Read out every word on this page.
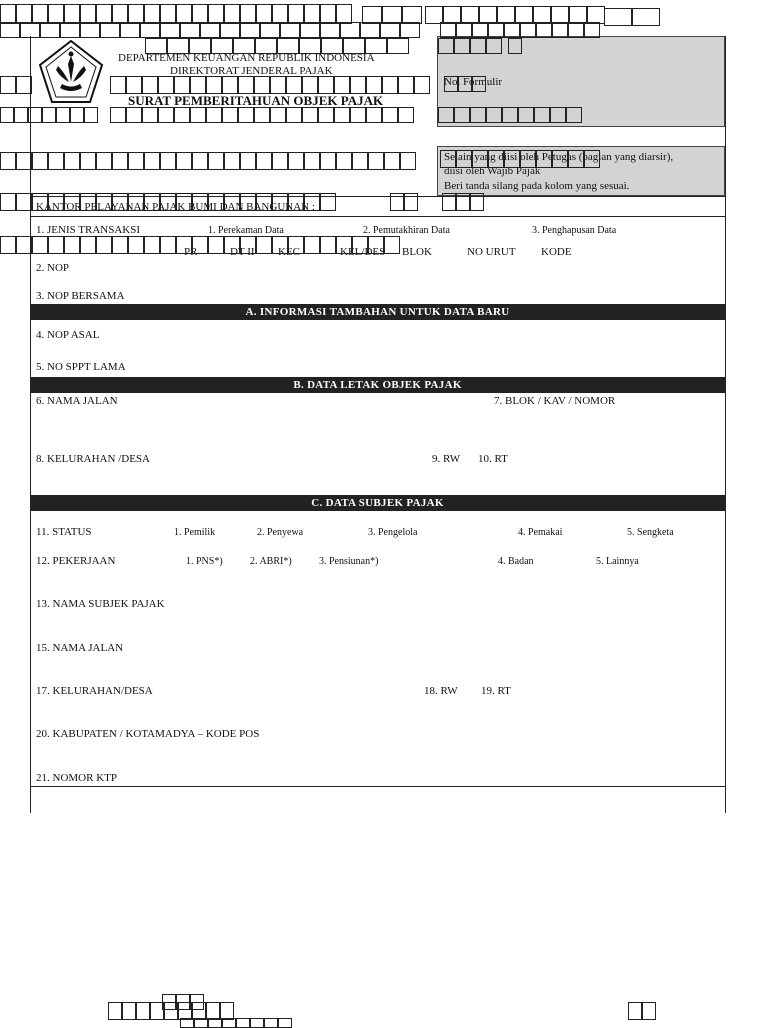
DEPARTEMEN KEUANGAN REPUBLIK INDONESIA
DIREKTORAT JENDERAL PAJAK
SURAT PEMBERITAHUAN OBJEK PAJAK
No. Formulir
Selain yang diisi oleh Petugas (bagian yang diarsir),
diisi oleh Wajib Pajak
Beri tanda silang pada kolom yang sesuai.
KANTOR PELAYANAN PAJAK BUMI DAN BANGUNAN :
1. JENIS TRANSAKSI	1. Perekaman Data	2. Pemutakhiran Data	3. Penghapusan Data
PR	DT II KEC	KEL/DES BLOK	NO URUT KODE
2. NOP
3. NOP BERSAMA
A. INFORMASI TAMBAHAN UNTUK DATA BARU
4. NOP ASAL
5. NO SPPT LAMA
B. DATA LETAK OBJEK PAJAK
6. NAMA JALAN	7. BLOK / KAV / NOMOR
8. KELURAHAN /DESA	9. RW 10. RT
C. DATA SUBJEK PAJAK
11. STATUS	1. Pemilik	2. Penyewa	3. Pengelola	4. Pemakai	5. Sengketa
12. PEKERJAAN	1. PNS*)	2. ABRI*)	3. Pensiunan*)	4. Badan	5. Lainnya
13. NAMA SUBJEK PAJAK
15. NAMA JALAN
17. KELURAHAN/DESA	18. RW 19. RT
20. KABUPATEN / KOTAMADYA – KODE POS
21. NOMOR KTP
